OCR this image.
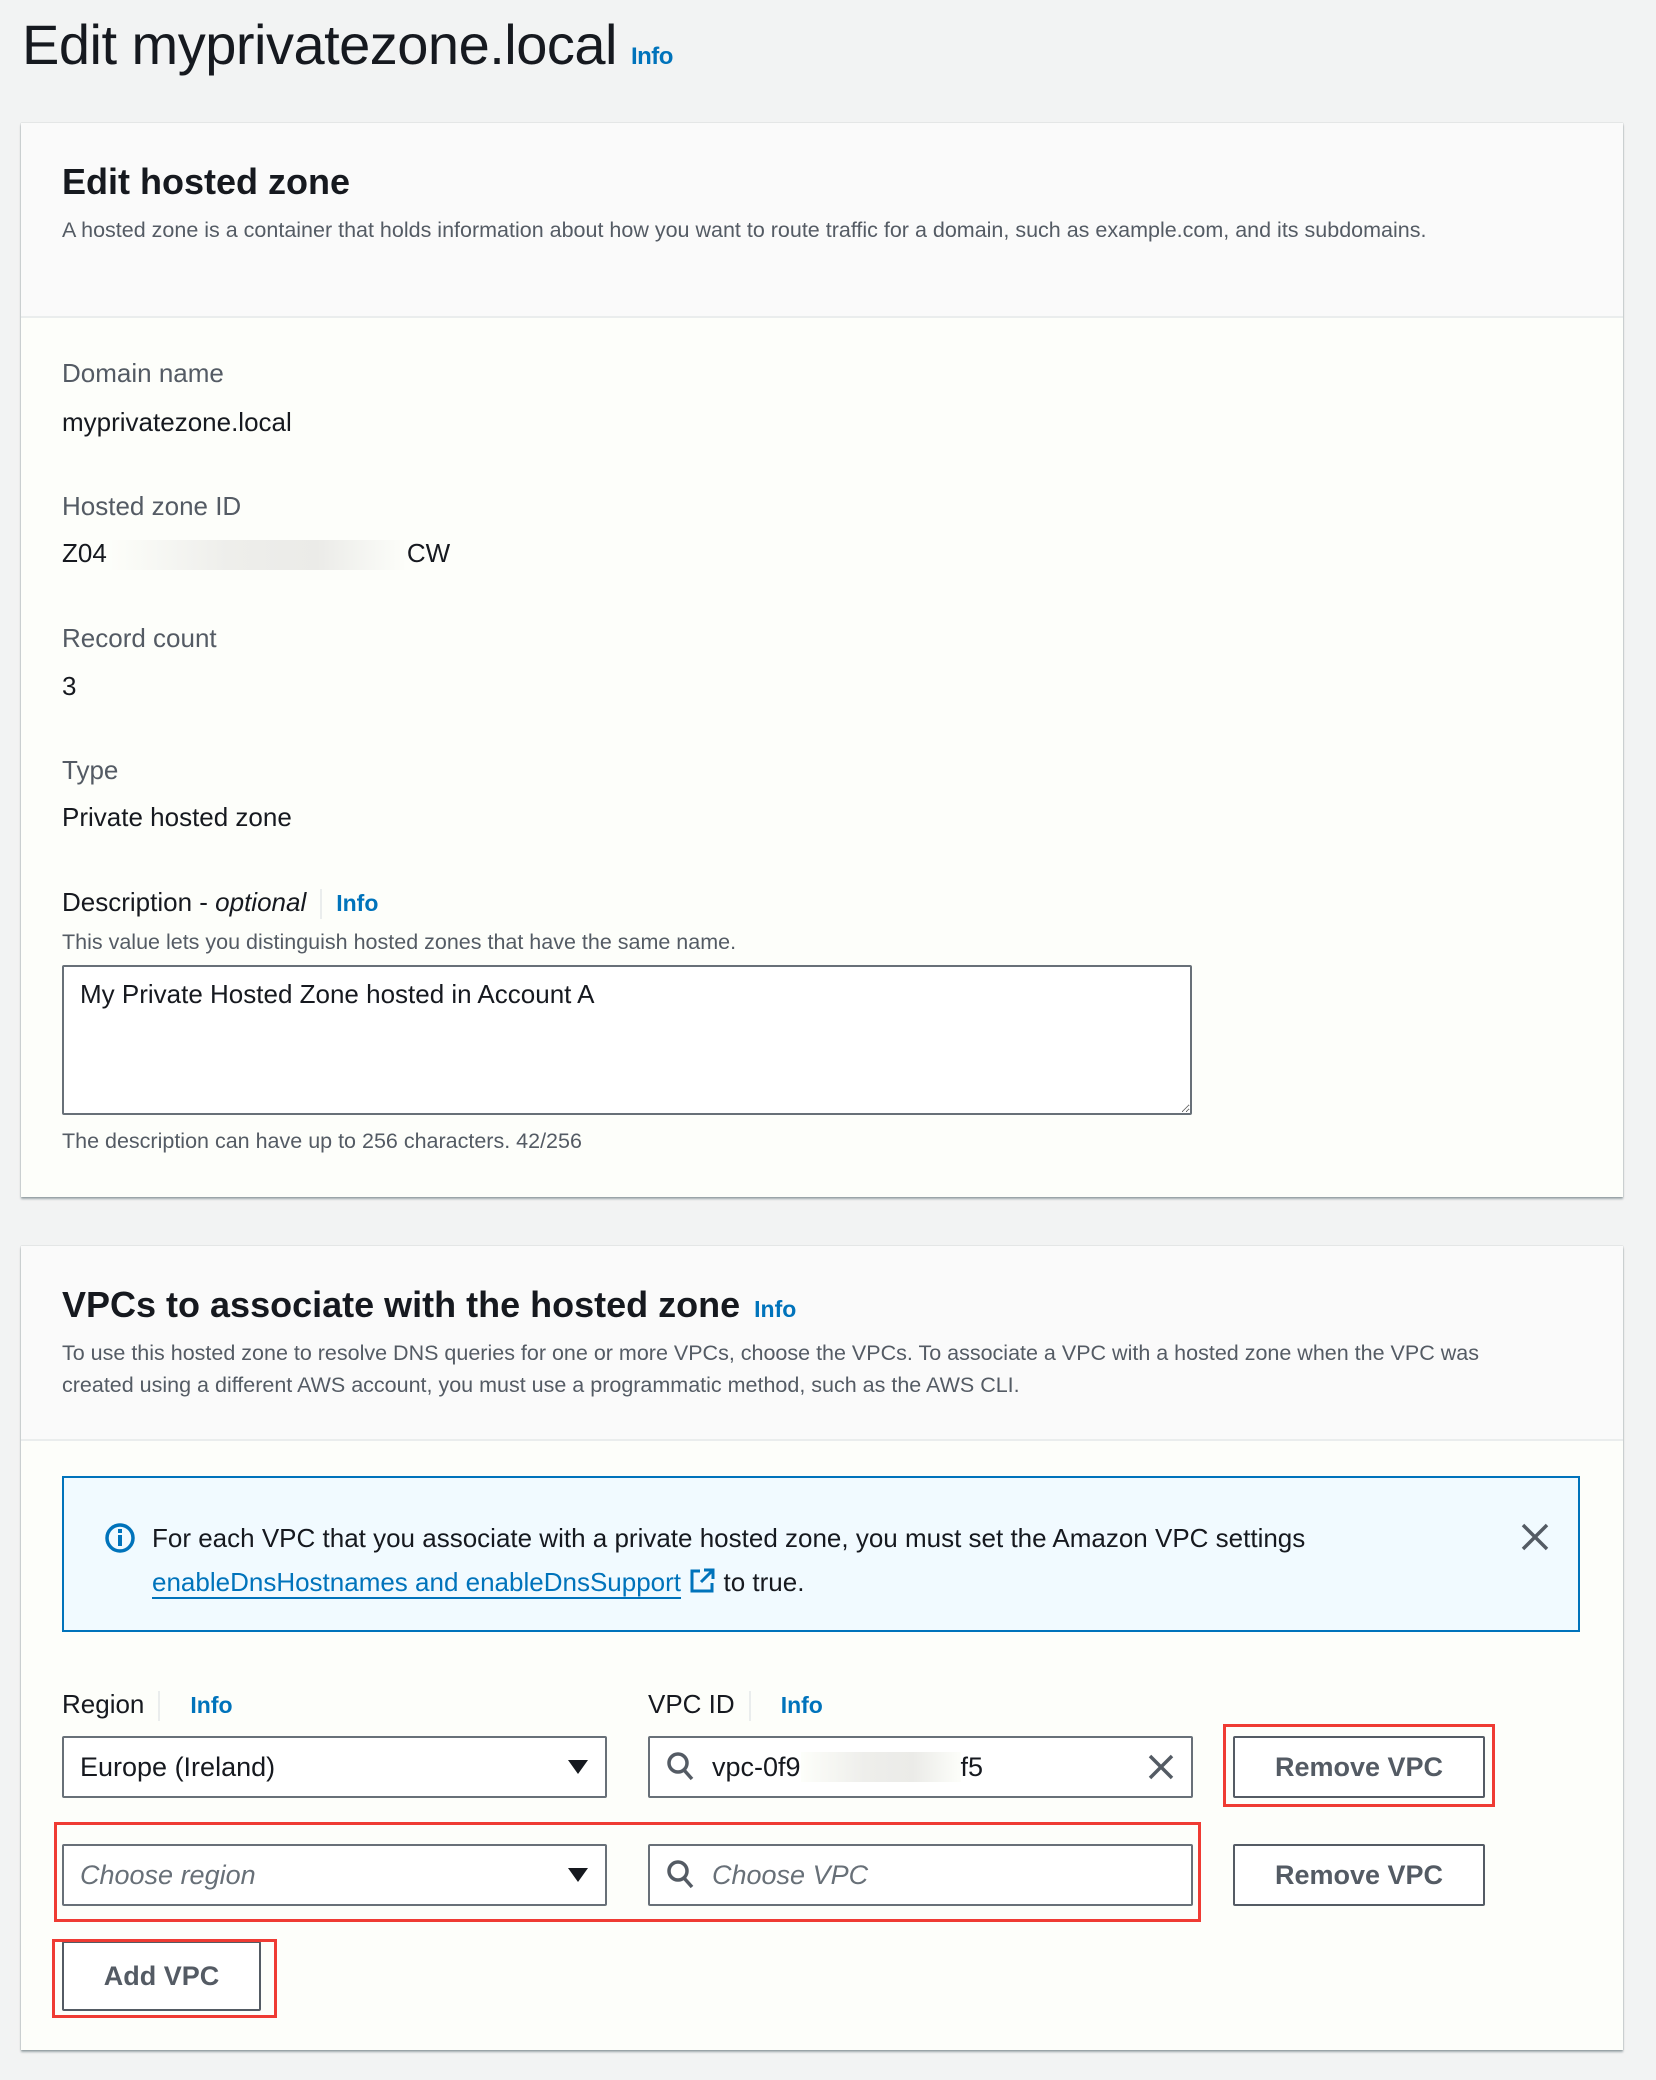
Edit myprivatezone.local Info
Edit hosted zone
A hosted zone is a container that holds information about how you want to route traffic for a domain, such as example.com, and its subdomains.
Domain name
myprivatezone.local
Hosted zone ID
Z04	CW
Record count
3
Type
Private hosted zone
Description - optional Info
This value lets you distinguish hosted zones that have the same name.
My Private Hosted Zone hosted in Account A
The description can have up to 256 characters. 42/256
VPCs to associate with the hosted zone Info
To use this hosted zone to resolve DNS queries for one or more VPCs, choose the VPCs. To associate a VPC with a hosted zone when the VPC was created using a different AWS account, you must use a programmatic method, such as the AWS CLI.
For each VPC that you associate with a private hosted zone, you must set the Amazon VPC settings
enableDnsHostnames and enableDnsSupport to true.
Region Info	VPC ID Info
Europe (Ireland)	vpc-0f9	f5	Remove VPC
Choose region	Choose VPC	Remove VPC
Add VPC
